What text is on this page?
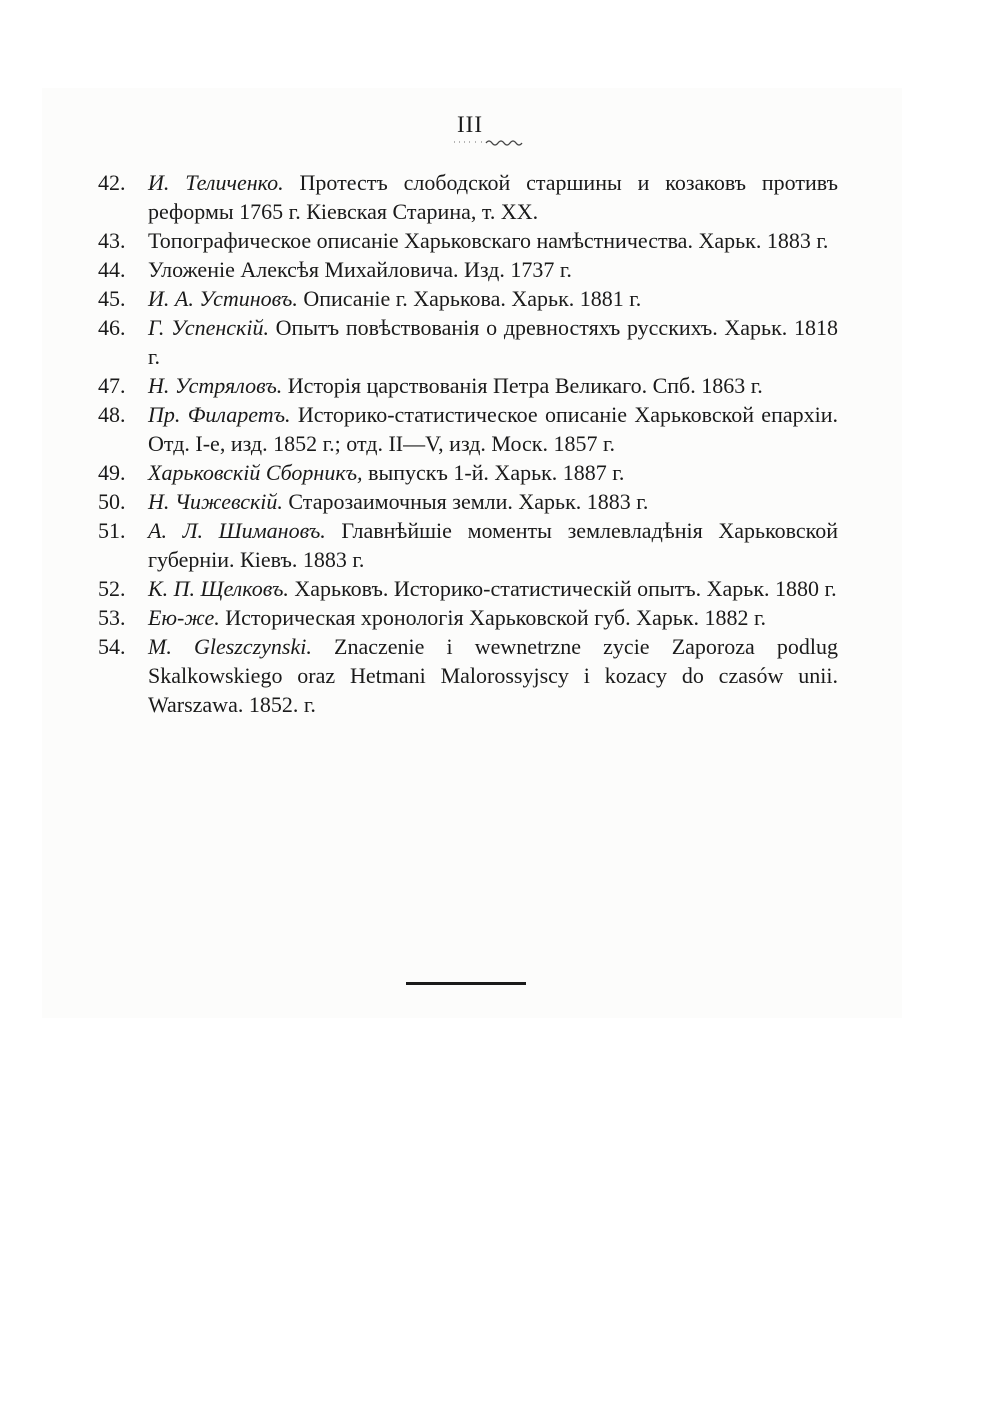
III
42. И. Теличенко. Протестъ слободской старшины и козаковъ противъ реформы 1765 г. Кіевская Старина, т. XX.
43. Топографическое описаніе Харьковскаго намѣстничества. Харьк. 1883 г.
44. Уложеніе Алексѣя Михайловича. Изд. 1737 г.
45. И. А. Устиновъ. Описаніе г. Харькова. Харьк. 1881 г.
46. Г. Успенскій. Опытъ повѣствованія о древностяхъ русскихъ. Харьк. 1818 г.
47. Н. Устряловъ. Исторія царствованія Петра Великаго. Спб. 1863 г.
48. Пр. Филаретъ. Историко-статистическое описаніе Харьковской епархіи. Отд. І-е, изд. 1852 г.; отд. II—V, изд. Моск. 1857 г.
49. Харьковскій Сборникъ, выпускъ 1-й. Харьк. 1887 г.
50. Н. Чижевскій. Старозаимочныя земли. Харьк. 1883 г.
51. А. Л. Шимановъ. Главнѣйшіе моменты землевладѣнія Харьковской губерніи. Кіевъ. 1883 г.
52. К. П. Щелковъ. Харьковъ. Историко-статистическій опытъ. Харьк. 1880 г.
53. Ею-же. Историческая хронологія Харьковской губ. Харьк. 1882 г.
54. M. Gleszczynski. Znaczenie i wewnetrzne zycie Zaporoza podlug Skalkowskiego oraz Hetmani Malorossyjscy i kozacy do czasów unii. Warszawa. 1852. г.
